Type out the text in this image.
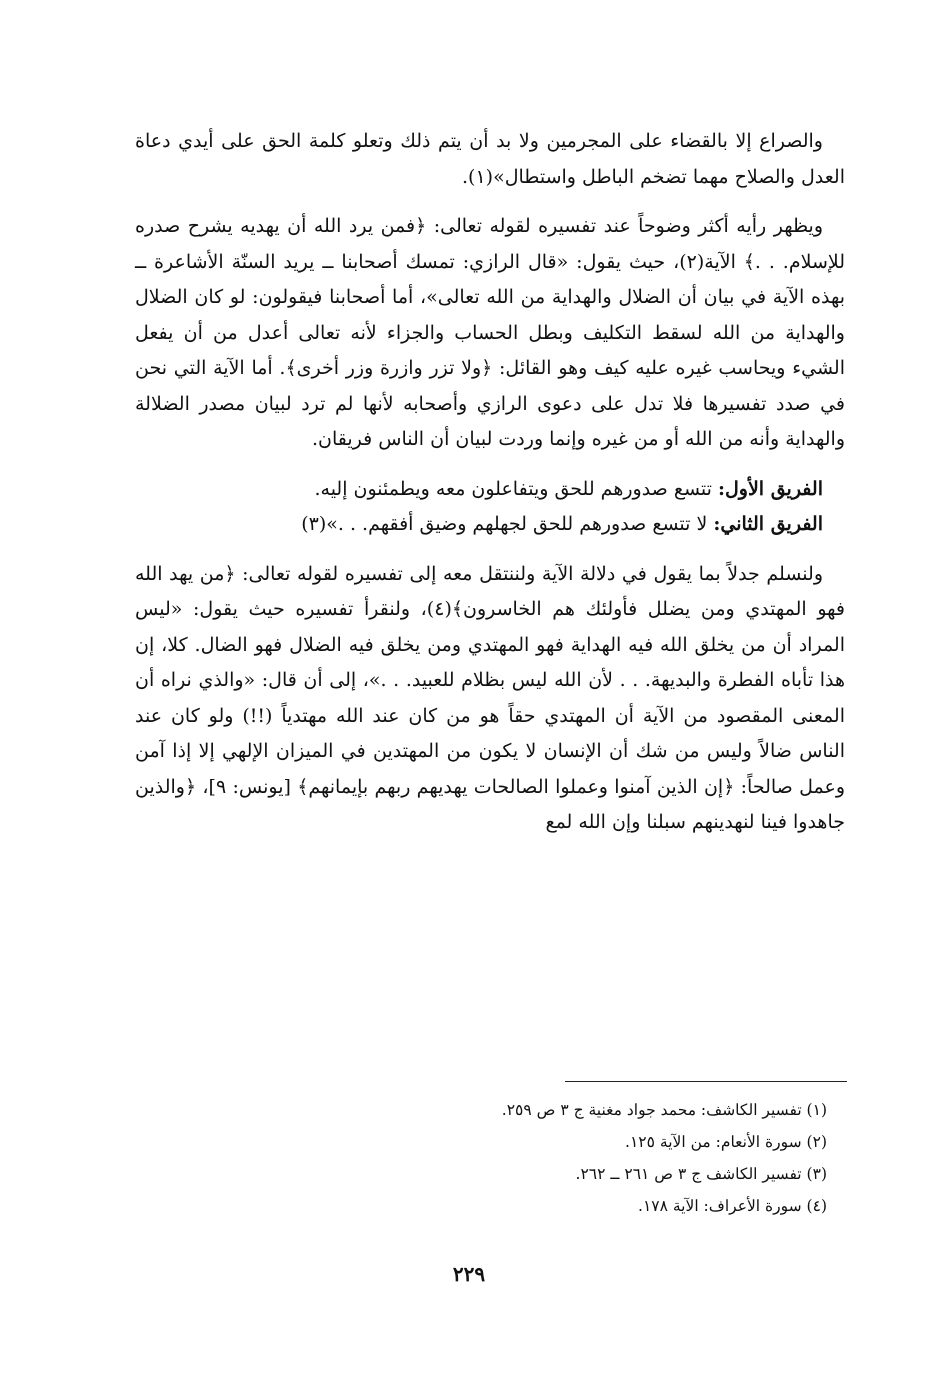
والصراع إلا بالقضاء على المجرمين ولا بد أن يتم ذلك وتعلو كلمة الحق على أيدي دعاة العدل والصلاح مهما تضخم الباطل واستطال»(١).

ويظهر رأيه أكثر وضوحاً عند تفسيره لقوله تعالى: ﴿فمن يرد الله أن يهديه يشرح صدره للإسلام. . .﴾ الآية(٢)، حيث يقول: «قال الرازي: تمسك أصحابنا ــ يريد السنّة الأشاعرة ــ بهذه الآية في بيان أن الضلال والهداية من الله تعالى»، أما أصحابنا فيقولون: لو كان الضلال والهداية من الله لسقط التكليف وبطل الحساب والجزاء لأنه تعالى أعدل من أن يفعل الشيء ويحاسب غيره عليه كيف وهو القائل: ﴿ولا تزر وازرة وزر أخرى﴾. أما الآية التي نحن في صدد تفسيرها فلا تدل على دعوى الرازي وأصحابه لأنها لم ترد لبيان مصدر الضلالة والهداية وأنه من الله أو من غيره وإنما وردت لبيان أن الناس فريقان.

الفريق الأول: تتسع صدورهم للحق ويتفاعلون معه ويطمئنون إليه.
الفريق الثاني: لا تتسع صدورهم للحق لجهلهم وضيق أفقهم. . .»(٣)

ولنسلم جدلاً بما يقول في دلالة الآية ولننتقل معه إلى تفسيره لقوله تعالى: ﴿من يهد الله فهو المهتدي ومن يضلل فأولئك هم الخاسرون﴾(٤)، ولنقرأ تفسيره حيث يقول: «ليس المراد أن من يخلق الله فيه الهداية فهو المهتدي ومن يخلق فيه الضلال فهو الضال. كلا، إن هذا تأباه الفطرة والبديهة. . . لأن الله ليس بظلام للعبيد. . .»، إلى أن قال: «والذي نراه أن المعنى المقصود من الآية أن المهتدي حقاً هو من كان عند الله مهتدياً (!!) ولو كان عند الناس ضالاً وليس من شك أن الإنسان لا يكون من المهتدين في الميزان الإلهي إلا إذا آمن وعمل صالحاً: ﴿إن الذين آمنوا وعملوا الصالحات يهديهم ربهم بإيمانهم﴾ [يونس: ٩]، ﴿والذين جاهدوا فينا لنهدينهم سبلنا وإن الله لمع

(١) تفسير الكاشف: محمد جواد مغنية ج ٣ ص ٢٥٩.
(٢) سورة الأنعام: من الآية ١٢٥.
(٣) تفسير الكاشف ج ٣ ص ٢٦١ ــ ٢٦٢.
(٤) سورة الأعراف: الآية ١٧٨.
٢٢٩
